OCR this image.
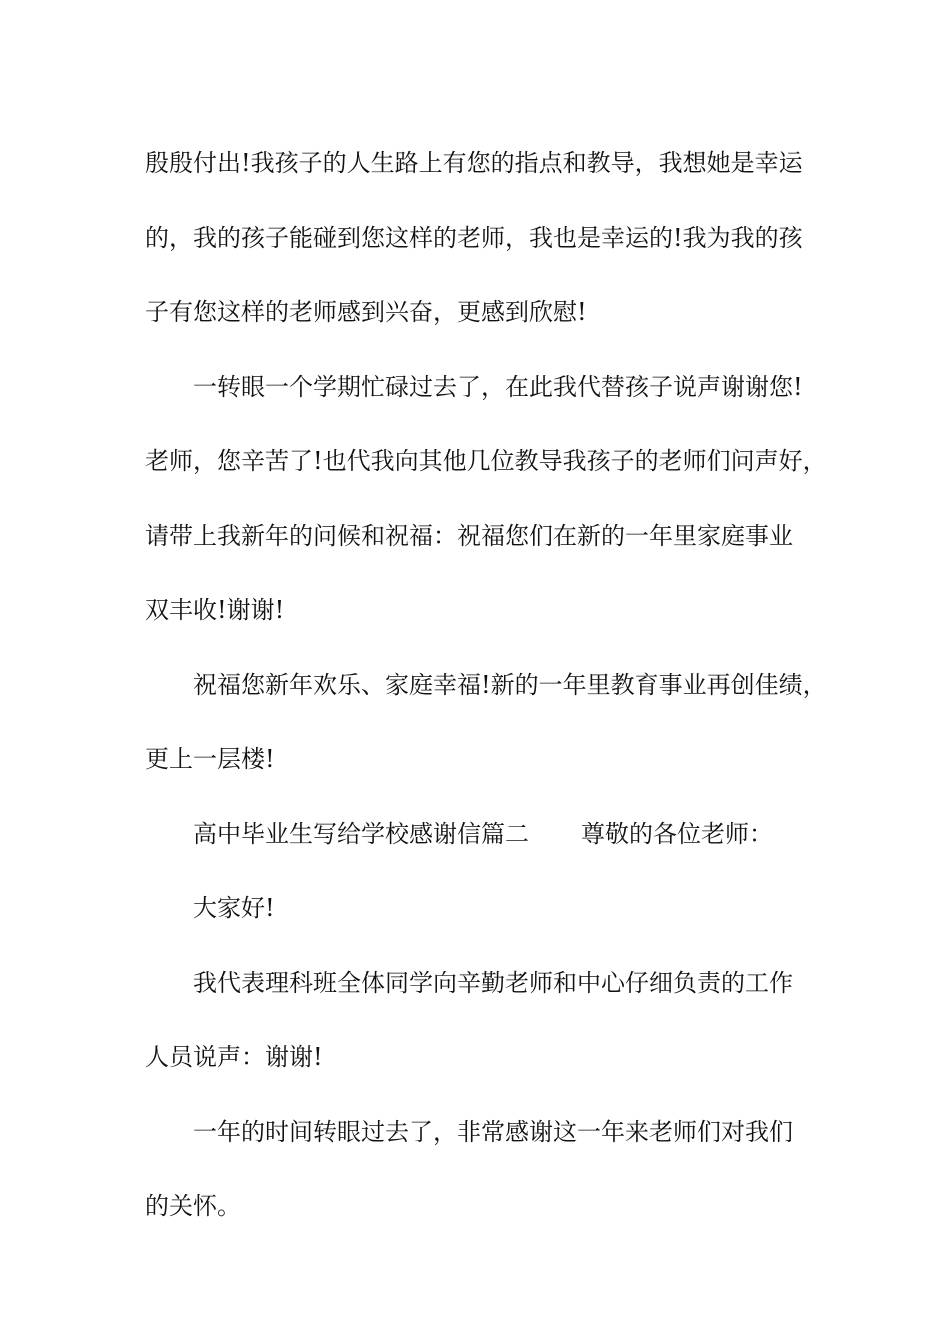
殷殷付出!我孩子的人生路上有您的指点和教导，我想她是幸运
的，我的孩子能碰到您这样的老师，我也是幸运的!我为我的孩
子有您这样的老师感到兴奋，更感到欣慰!
一转眼一个学期忙碌过去了，在此我代替孩子说声谢谢您!
老师，您辛苦了!也代我向其他几位教导我孩子的老师们问声好，
请带上我新年的问候和祝福：祝福您们在新的一年里家庭事业
双丰收!谢谢!
祝福您新年欢乐、家庭幸福!新的一年里教育事业再创佳绩，
更上一层楼!
高中毕业生写给学校感谢信篇二 尊敬的各位老师：
大家好!
我代表理科班全体同学向辛勤老师和中心仔细负责的工作
人员说声：谢谢!
一年的时间转眼过去了，非常感谢这一年来老师们对我们
的关怀。
